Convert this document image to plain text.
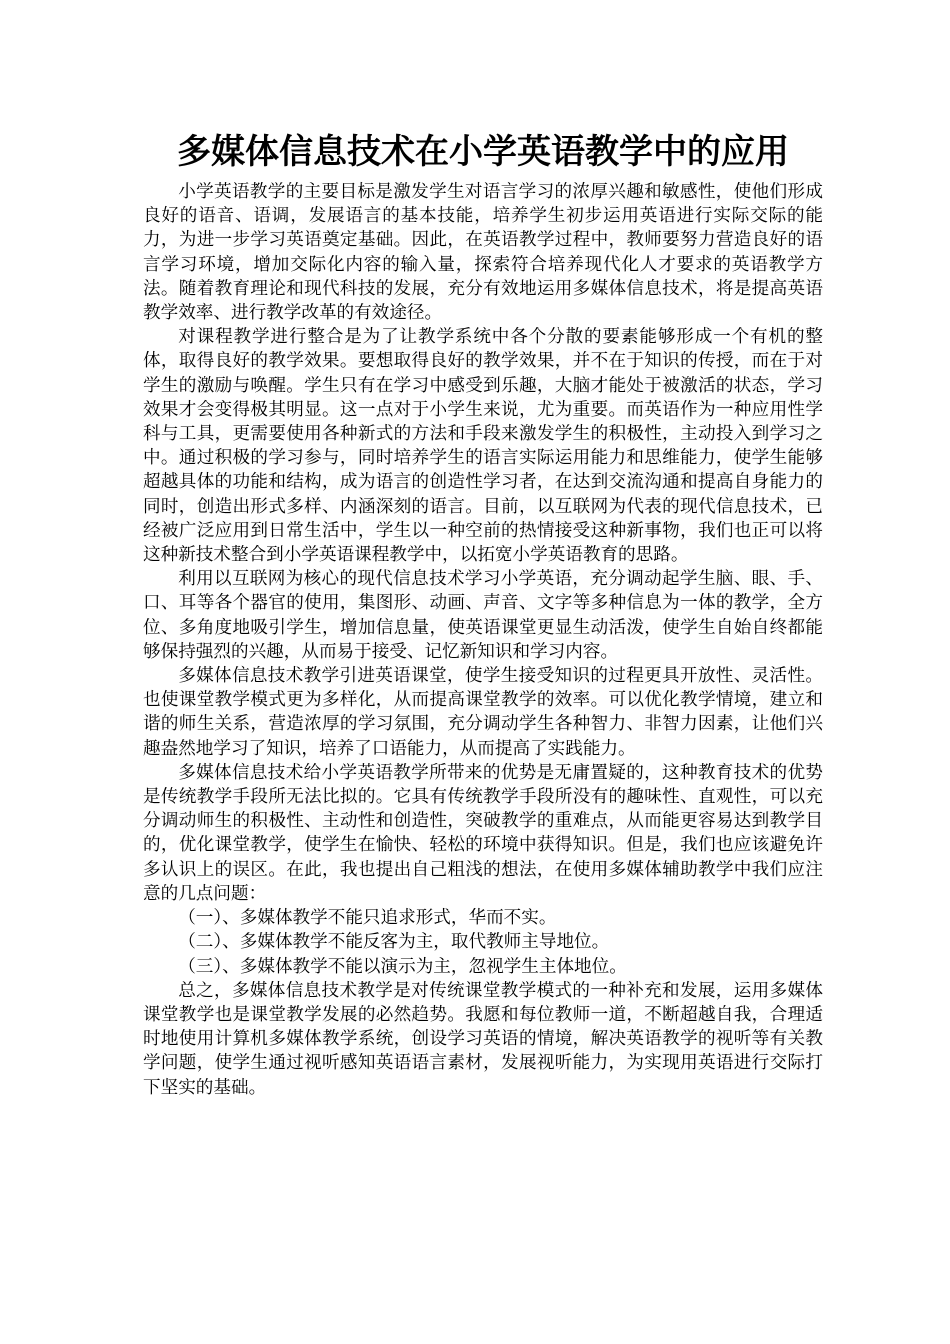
多媒体信息技术在小学英语教学中的应用

小学英语教学的主要目标是激发学生对语言学习的浓厚兴趣和敏感性，使他们形成良好的语音、语调，发展语言的基本技能，培养学生初步运用英语进行实际交际的能力，为进一步学习英语奠定基础。因此，在英语教学过程中，教师要努力营造良好的语言学习环境，增加交际化内容的输入量，探索符合培养现代化人才要求的英语教学方法。随着教育理论和现代科技的发展，充分有效地运用多媒体信息技术，将是提高英语教学效率、进行教学改革的有效途径。

对课程教学进行整合是为了让教学系统中各个分散的要素能够形成一个有机的整体，取得良好的教学效果。要想取得良好的教学效果，并不在于知识的传授，而在于对学生的激励与唤醒。学生只有在学习中感受到乐趣，大脑才能处于被激活的状态，学习效果才会变得极其明显。这一点对于小学生来说，尤为重要。而英语作为一种应用性学科与工具，更需要使用各种新式的方法和手段来激发学生的积极性，主动投入到学习之中。通过积极的学习参与，同时培养学生的语言实际运用能力和思维能力，使学生能够超越具体的功能和结构，成为语言的创造性学习者，在达到交流沟通和提高自身能力的同时，创造出形式多样、内涵深刻的语言。目前，以互联网为代表的现代信息技术，已经被广泛应用到日常生活中，学生以一种空前的热情接受这种新事物，我们也正可以将这种新技术整合到小学英语课程教学中，以拓宽小学英语教育的思路。

利用以互联网为核心的现代信息技术学习小学英语，充分调动起学生脑、眼、手、口、耳等各个器官的使用，集图形、动画、声音、文字等多种信息为一体的教学，全方位、多角度地吸引学生，增加信息量，使英语课堂更显生动活泼，使学生自始自终都能够保持强烈的兴趣，从而易于接受、记忆新知识和学习内容。

多媒体信息技术教学引进英语课堂，使学生接受知识的过程更具开放性、灵活性。也使课堂教学模式更为多样化，从而提高课堂教学的效率。可以优化教学情境，建立和谐的师生关系，营造浓厚的学习氛围，充分调动学生各种智力、非智力因素，让他们兴趣盎然地学习了知识，培养了口语能力，从而提高了实践能力。

多媒体信息技术给小学英语教学所带来的优势是无庸置疑的，这种教育技术的优势是传统教学手段所无法比拟的。它具有传统教学手段所没有的趣味性、直观性，可以充分调动师生的积极性、主动性和创造性，突破教学的重难点，从而能更容易达到教学目的，优化课堂教学，使学生在愉快、轻松的环境中获得知识。但是，我们也应该避免许多认识上的误区。在此，我也提出自己粗浅的想法，在使用多媒体辅助教学中我们应注意的几点问题：

（一）、多媒体教学不能只追求形式，华而不实。

（二）、多媒体教学不能反客为主，取代教师主导地位。

（三）、多媒体教学不能以演示为主，忽视学生主体地位。

总之，多媒体信息技术教学是对传统课堂教学模式的一种补充和发展，运用多媒体课堂教学也是课堂教学发展的必然趋势。我愿和每位教师一道，不断超越自我，合理适时地使用计算机多媒体教学系统，创设学习英语的情境，解决英语教学的视听等有关教学问题，使学生通过视听感知英语语言素材，发展视听能力，为实现用英语进行交际打下坚实的基础。
